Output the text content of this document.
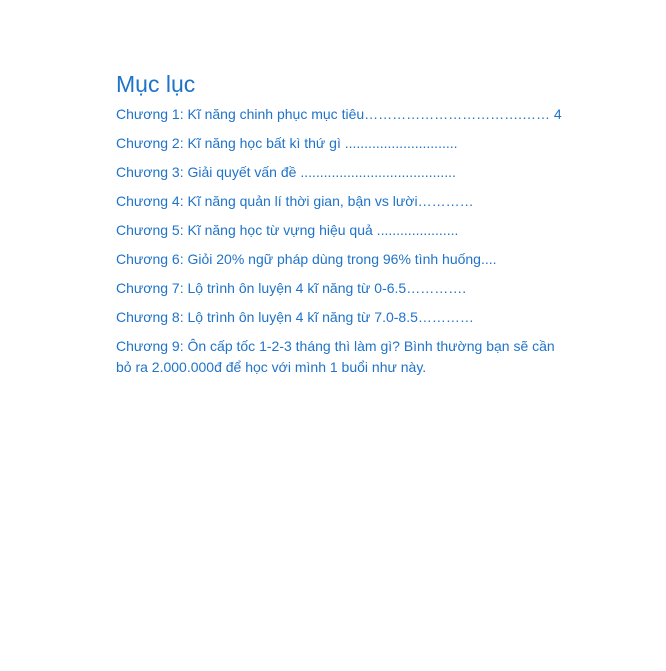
Mục lục
Chương 1: Kĩ năng chinh phục mục tiêu…………………………….…… 4
Chương 2: Kĩ năng học bất kì thứ gì .............................
Chương 3: Giải quyết vấn đề ........................................
Chương 4: Kĩ năng quản lí thời gian, bận vs lười…………
Chương 5: Kĩ năng học từ vựng hiệu quả .....................
Chương 6: Giỏi 20% ngữ pháp dùng trong 96% tình huống....
Chương 7: Lộ trình ôn luyện 4 kĩ năng từ 0-6.5………….
Chương 8: Lộ trình ôn luyện 4 kĩ năng từ 7.0-8.5…………
Chương 9: Ôn cấp tốc 1-2-3 tháng thì làm gì? Bình thường bạn sẽ cần bỏ ra 2.000.000đ để học với mình 1 buổi như này.
